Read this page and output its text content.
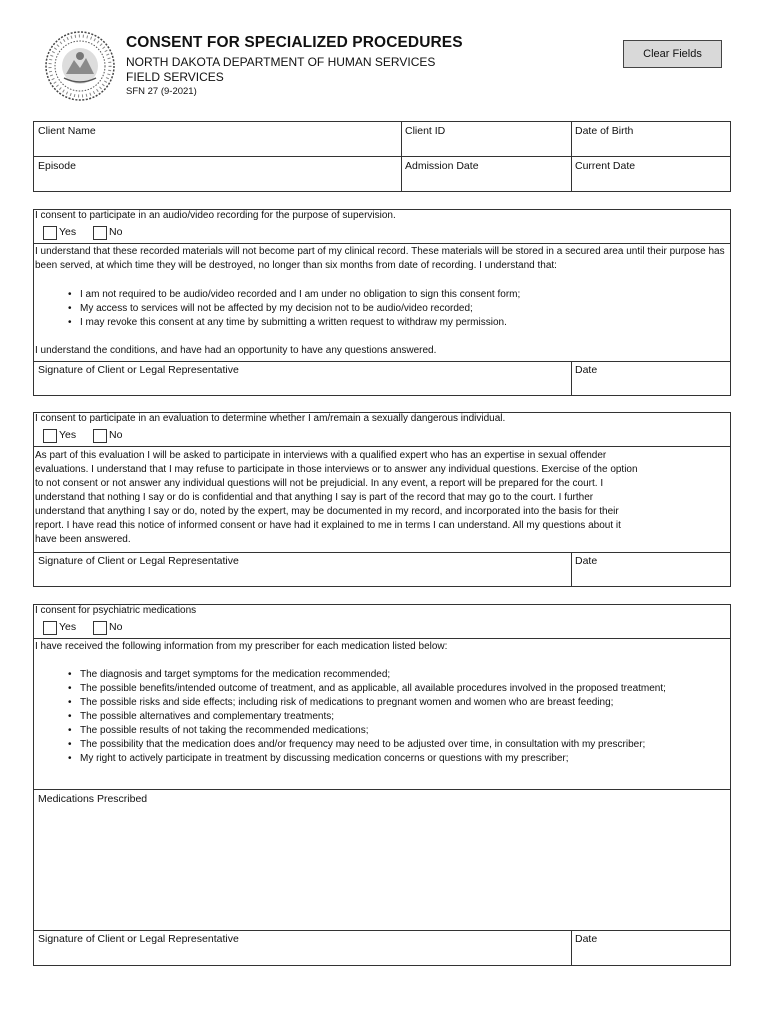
CONSENT FOR SPECIALIZED PROCEDURES
NORTH DAKOTA DEPARTMENT OF HUMAN SERVICES
FIELD SERVICES
SFN 27 (9-2021)
Clear Fields
Client Name	Client ID	Date of Birth
Episode	Admission Date	Current Date
I consent to participate in an audio/video recording for the purpose of supervision.
Yes	No
I understand that these recorded materials will not become part of my clinical record. These materials will be stored in a secured area until their purpose has been served, at which time they will be destroyed, no longer than six months from date of recording. I understand that:
• I am not required to be audio/video recorded and I am under no obligation to sign this consent form;
• My access to services will not be affected by my decision not to be audio/video recorded;
• I may revoke this consent at any time by submitting a written request to withdraw my permission.
I understand the conditions, and have had an opportunity to have any questions answered.
Signature of Client or Legal Representative	Date
I consent to participate in an evaluation to determine whether I am/remain a sexually dangerous individual.
Yes	No
As part of this evaluation I will be asked to participate in interviews with a qualified expert who has an expertise in sexual offender
evaluations. I understand that I may refuse to participate in those interviews or to answer any individual questions. Exercise of the option
to not consent or not answer any individual questions will not be prejudicial. In any event, a report will be prepared for the court. I
understand that nothing I say or do is confidential and that anything I say is part of the record that may go to the court. I further
understand that anything I say or do, noted by the expert, may be documented in my record, and incorporated into the basis for their
report. I have read this notice of informed consent or have had it explained to me in terms I can understand. All my questions about it
have been answered.
Signature of Client or Legal Representative	Date
I consent for psychiatric medications
Yes	No
I have received the following information from my prescriber for each medication listed below:
• The diagnosis and target symptoms for the medication recommended;
• The possible benefits/intended outcome of treatment, and as applicable, all available procedures involved in the proposed treatment;
• The possible risks and side effects; including risk of medications to pregnant women and women who are breast feeding;
• The possible alternatives and complementary treatments;
• The possible results of not taking the recommended medications;
• The possibility that the medication does and/or frequency may need to be adjusted over time, in consultation with my prescriber;
• My right to actively participate in treatment by discussing medication concerns or questions with my prescriber;
Medications Prescribed
Signature of Client or Legal Representative	Date
